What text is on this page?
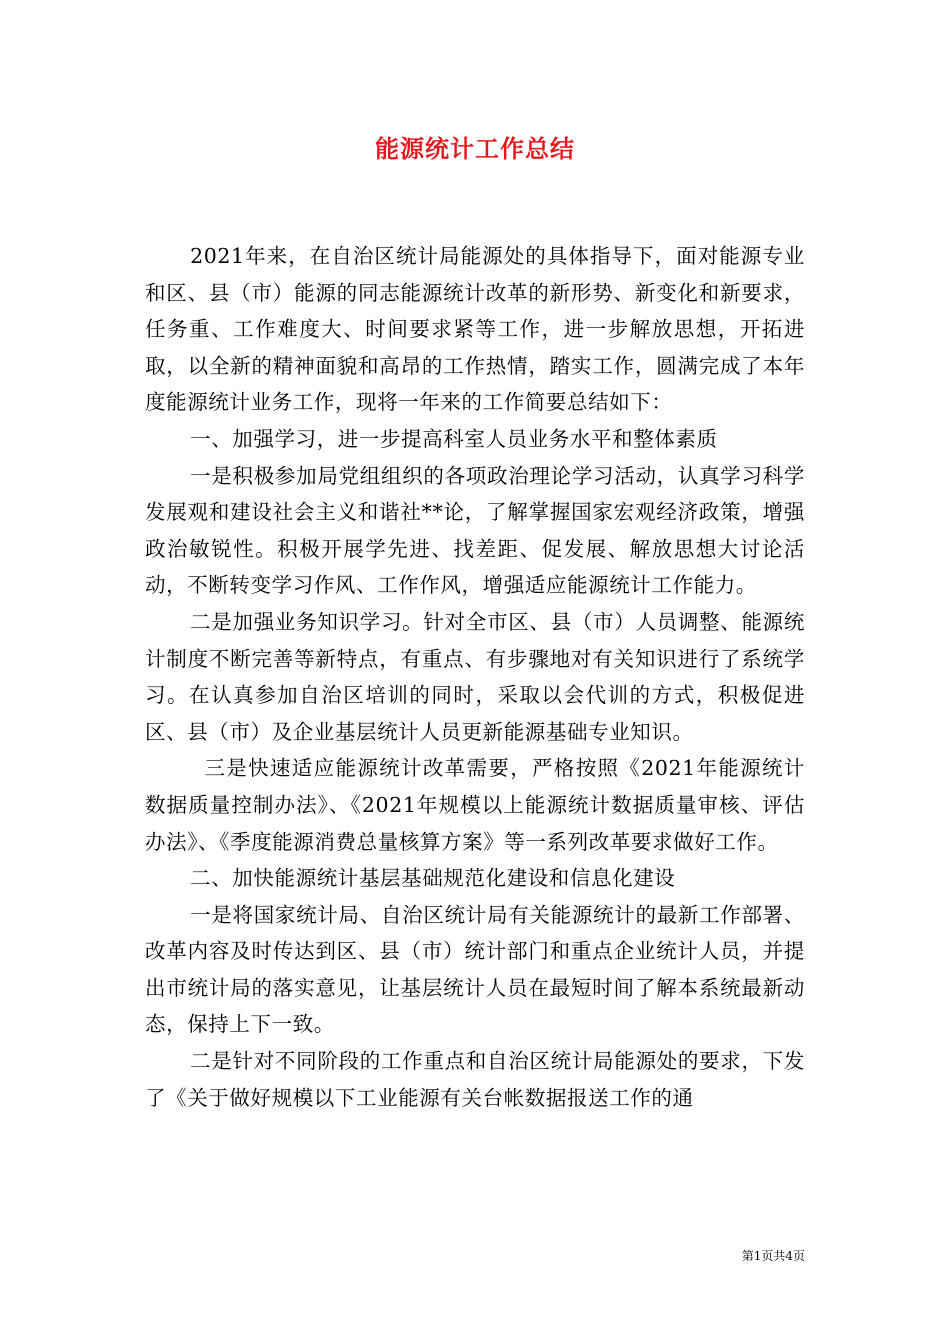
能源统计工作总结

2021年来，在自治区统计局能源处的具体指导下，面对能源专业和区、县（市）能源的同志能源统计改革的新形势、新变化和新要求，任务重、工作难度大、时间要求紧等工作，进一步解放思想，开拓进取，以全新的精神面貌和高昂的工作热情，踏实工作，圆满完成了本年度能源统计业务工作，现将一年来的工作简要总结如下：

一、加强学习，进一步提高科室人员业务水平和整体素质

一是积极参加局党组组织的各项政治理论学习活动，认真学习科学发展观和建设社会主义和谐社**论，了解掌握国家宏观经济政策，增强政治敏锐性。积极开展学先进、找差距、促发展、解放思想大讨论活动，不断转变学习作风、工作作风，增强适应能源统计工作能力。

二是加强业务知识学习。针对全市区、县（市）人员调整、能源统计制度不断完善等新特点，有重点、有步骤地对有关知识进行了系统学习。在认真参加自治区培训的同时，采取以会代训的方式，积极促进区、县（市）及企业基层统计人员更新能源基础专业知识。

三是快速适应能源统计改革需要，严格按照《2021年能源统计数据质量控制办法》、《2021年规模以上能源统计数据质量审核、评估办法》、《季度能源消费总量核算方案》等一系列改革要求做好工作。

二、加快能源统计基层基础规范化建设和信息化建设

一是将国家统计局、自治区统计局有关能源统计的最新工作部署、改革内容及时传达到区、县（市）统计部门和重点企业统计人员，并提出市统计局的落实意见，让基层统计人员在最短时间了解本系统最新动态，保持上下一致。

二是针对不同阶段的工作重点和自治区统计局能源处的要求，下发了《关于做好规模以下工业能源有关台帐数据报送工作的通

第1页共4页
